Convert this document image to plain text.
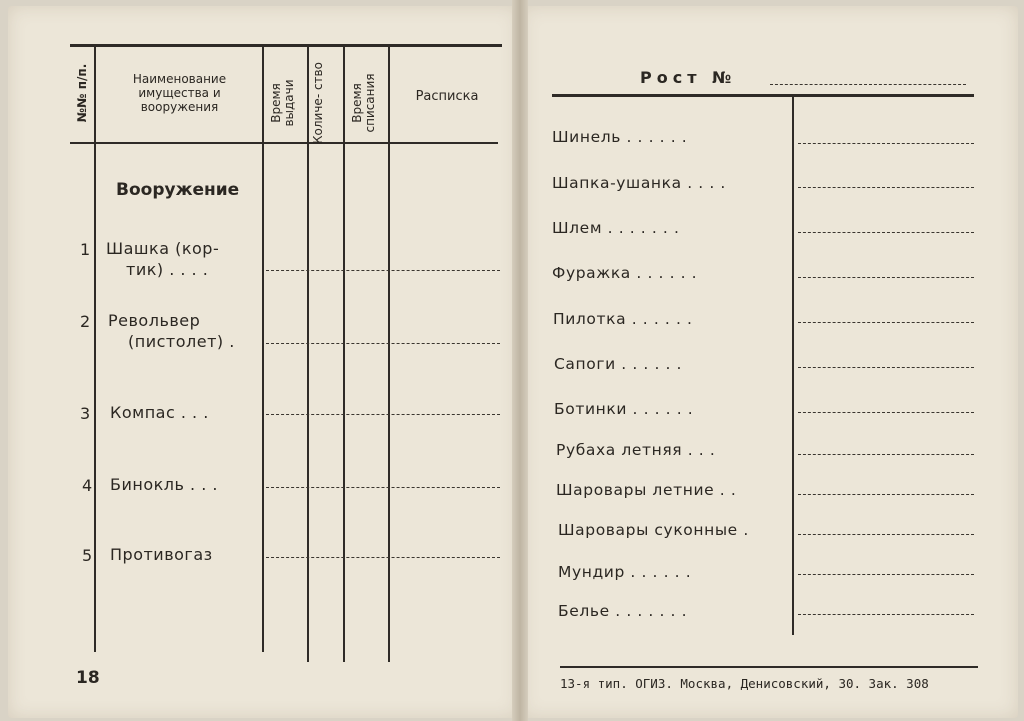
№№ п/п.	Наименование имущества и вооружения	Время выдачи	Количе- ство	Время списания	Расписка
Вооружение
1 Шашка (кор-
тик) . . . .
2 Револьвер
(пистолет) .
3 Компас . . .
4 Бинокль . . .
5 Противогаз
18
Рост №
Шинель . . . . . .
Шапка-ушанка . . . .
Шлем . . . . . . .
Фуражка . . . . . .
Пилотка . . . . . .
Сапоги . . . . . .
Ботинки . . . . . .
Рубаха летняя . . .
Шаровары летние . .
Шаровары суконные .
Мундир . . . . . .
Белье . . . . . . .
13-я тип. ОГИЗ. Москва, Денисовский, 30. Зак. 308
